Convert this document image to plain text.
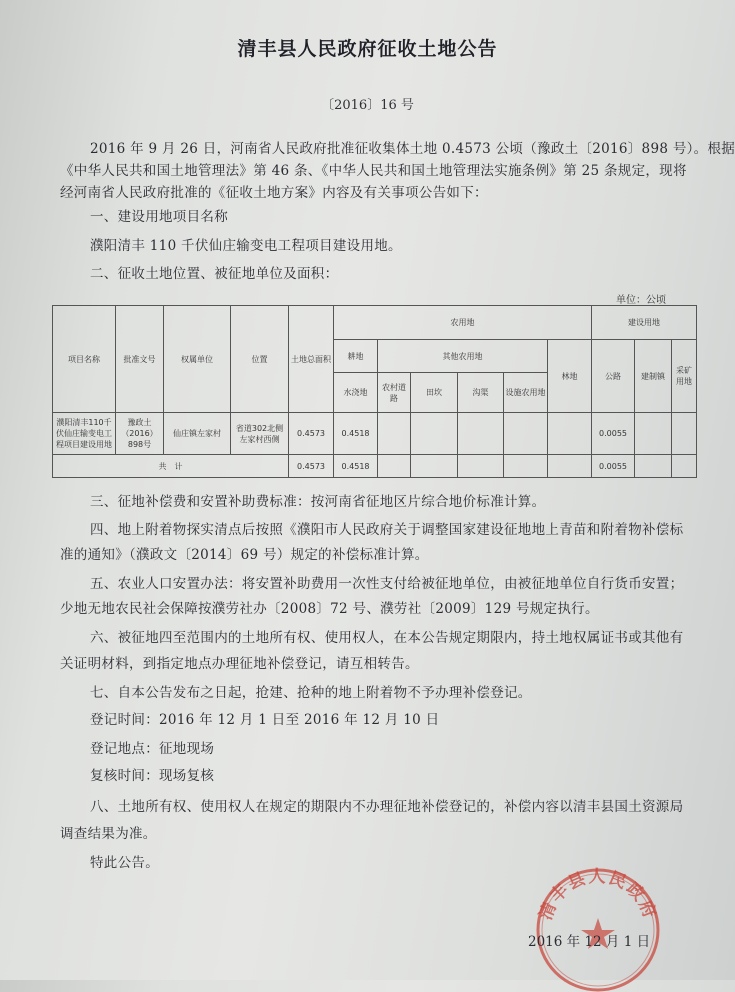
清丰县人民政府征收土地公告
〔2016〕16 号
2016 年 9 月 26 日，河南省人民政府批准征收集体土地 0.4573 公顷（豫政土〔2016〕898 号）。根据
《中华人民共和国土地管理法》第 46 条、《中华人民共和国土地管理法实施条例》第 25 条规定，现将
经河南省人民政府批准的《征收土地方案》内容及有关事项公告如下：
一、建设用地项目名称
濮阳清丰 110 千伏仙庄输变电工程项目建设用地。
二、征收土地位置、被征地单位及面积：
单位：公顷
项目名称	批准文号	权属单位	位置	土地总面积	农用地						建设用地		
					耕地	其他农用地				林地	公路	建制镇	采矿用地
					水浇地	农村道路	田坎	沟渠	设施农用地				
濮阳清丰110千伏仙庄输变电工程项目建设用地	豫政土（2016）898号	仙庄镇左家村	省道302北侧左家村西侧	0.4573	0.4518						0.0055		
共　计				0.4573	0.4518						0.0055		
三、征地补偿费和安置补助费标准：按河南省征地区片综合地价标准计算。
四、地上附着物探实清点后按照《濮阳市人民政府关于调整国家建设征地地上青苗和附着物补偿标
准的通知》（濮政文〔2014〕69 号）规定的补偿标准计算。
五、农业人口安置办法：将安置补助费用一次性支付给被征地单位，由被征地单位自行货币安置；
少地无地农民社会保障按濮劳社办〔2008〕72 号、濮劳社〔2009〕129 号规定执行。
六、被征地四至范围内的土地所有权、使用权人，在本公告规定期限内，持土地权属证书或其他有
关证明材料，到指定地点办理征地补偿登记，请互相转告。
七、自本公告发布之日起，抢建、抢种的地上附着物不予办理补偿登记。
登记时间：2016 年 12 月 1 日至 2016 年 12 月 10 日
登记地点：征地现场
复核时间：现场复核
八、土地所有权、使用权人在规定的期限内不办理征地补偿登记的，补偿内容以清丰县国土资源局
调查结果为准。
特此公告。
清丰县人民政府
2016 年 12 月 1 日
